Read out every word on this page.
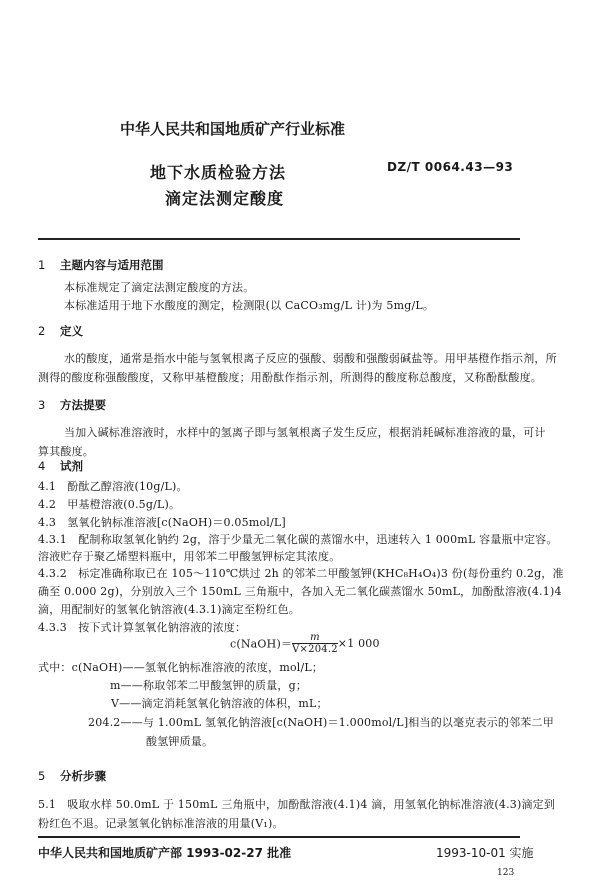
中华人民共和国地质矿产行业标准
地下水质检验方法
滴定法测定酸度
DZ/T 0064.43—93
1 主题内容与适用范围
本标准规定了滴定法测定酸度的方法。
本标准适用于地下水酸度的测定，检测限(以 CaCO₃mg/L 计)为 5mg/L。
2 定义
水的酸度，通常是指水中能与氢氧根离子反应的强酸、弱酸和强酸弱碱盐等。用甲基橙作指示剂，所
测得的酸度称强酸酸度，又称甲基橙酸度；用酚酞作指示剂，所测得的酸度称总酸度，又称酚酞酸度。
3 方法提要
当加入碱标准溶液时，水样中的氢离子即与氢氧根离子发生反应，根据消耗碱标准溶液的量，可计
算其酸度。
4 试剂
4.1　酚酞乙醇溶液(10g/L)。
4.2　甲基橙溶液(0.5g/L)。
4.3　氢氧化钠标准溶液[c(NaOH)＝0.05mol/L]
4.3.1　配制称取氢氧化钠约 2g，溶于少量无二氧化碳的蒸馏水中，迅速转入 1 000mL 容量瓶中定容。
溶液贮存于聚乙烯塑料瓶中，用邻苯二甲酸氢钾标定其浓度。
4.3.2　标定准确称取已在 105～110℃烘过 2h 的邻苯二甲酸氢钾(KHC₈H₄O₄)3 份(每份重约 0.2g，准
确至 0.000 2g)，分别放入三个 150mL 三角瓶中，各加入无二氧化碳蒸馏水 50mL，加酚酞溶液(4.1)4
滴，用配制好的氢氧化钠溶液(4.3.1)滴定至粉红色。
4.3.3　按下式计算氢氧化钠溶液的浓度：
c(NaOH)＝ $\frac{m}{V\times 204.2} \times 1$ 000
式中：c(NaOH)——氢氧化钠标准溶液的浓度，mol/L；
m——称取邻苯二甲酸氢钾的质量，g；
V——滴定消耗氢氧化钠溶液的体积，mL；
204.2——与 1.00mL 氢氧化钠溶液[c(NaOH)＝1.000mol/L]相当的以毫克表示的邻苯二甲
酸氢钾质量。
5 分析步骤
5.1　吸取水样 50.0mL 于 150mL 三角瓶中，加酚酞溶液(4.1)4 滴，用氢氧化钠标准溶液(4.3)滴定到
粉红色不退。记录氢氧化钠标准溶液的用量(V₁)。
中华人民共和国地质矿产部 1993-02-27 批准	1993-10-01 实施
123
